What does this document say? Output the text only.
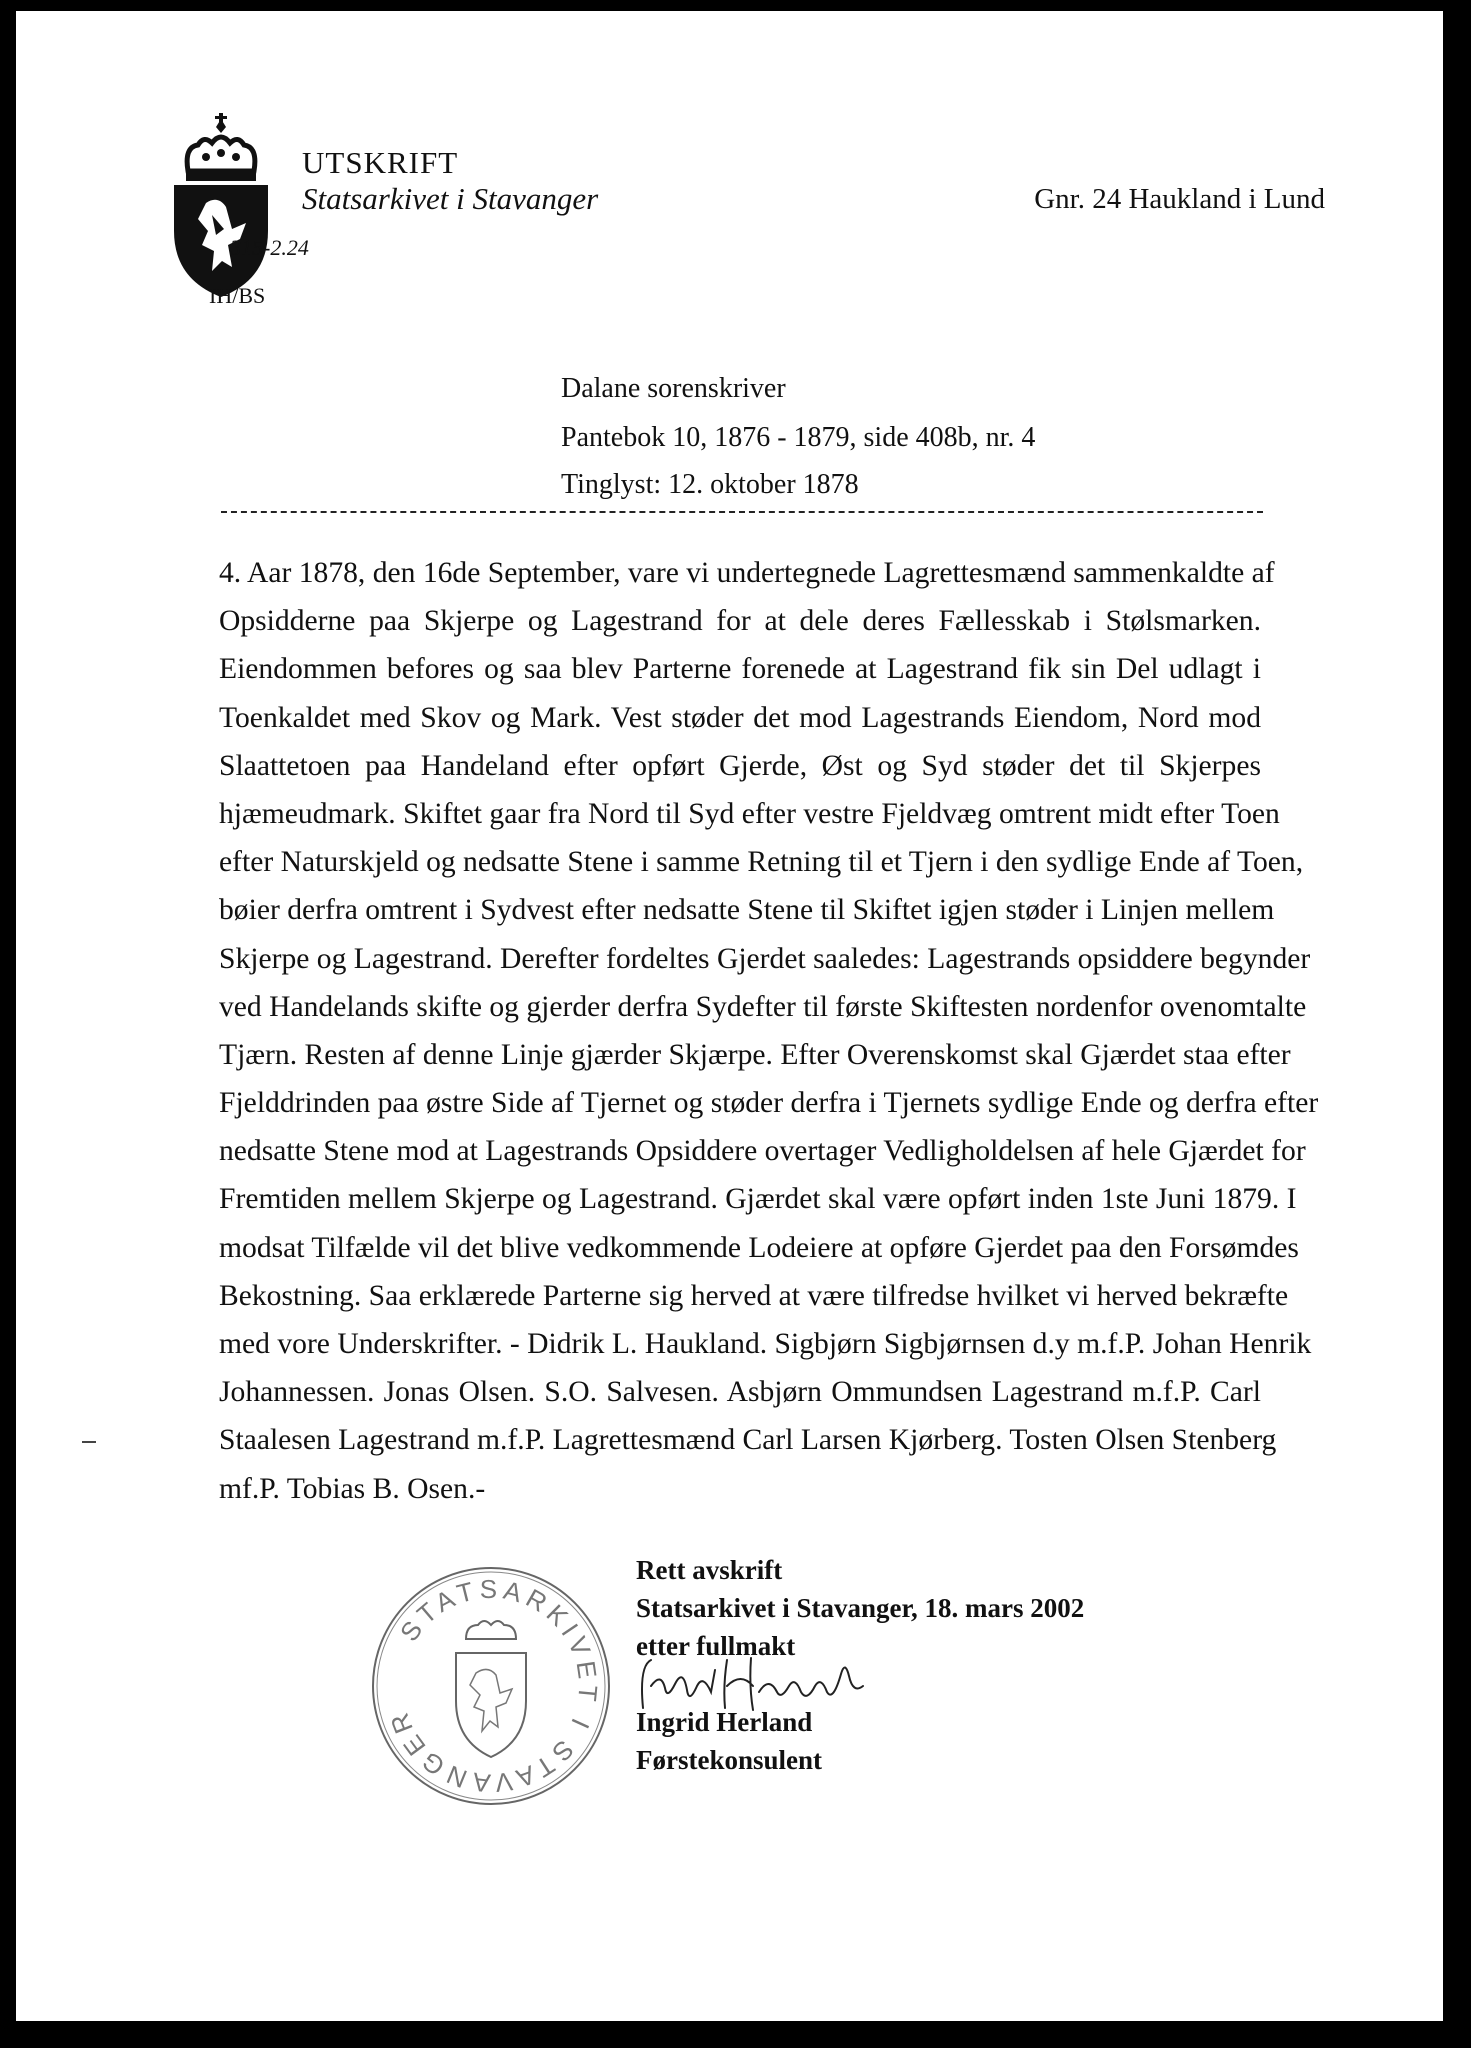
UTSKRIFT
Statsarkivet i Stavanger
315-2.24
IH/BS
Gnr. 24 Haukland i Lund
Dalane sorenskriver
Pantebok 10, 1876 - 1879, side 408b, nr. 4
Tinglyst: 12. oktober 1878
4. Aar 1878, den 16de September, vare vi undertegnede Lagrettesmænd sammenkaldte af
Opsidderne paa Skjerpe og Lagestrand for at dele deres Fællesskab i Stølsmarken.
Eiendommen befores og saa blev Parterne forenede at Lagestrand fik sin Del udlagt i
Toenkaldet med Skov og Mark. Vest støder det mod Lagestrands Eiendom, Nord mod
Slaattetoen paa Handeland efter opført Gjerde, Øst og Syd støder det til Skjerpes
hjæmeudmark. Skiftet gaar fra Nord til Syd efter vestre Fjeldvæg omtrent midt efter Toen
efter Naturskjeld og nedsatte Stene i samme Retning til et Tjern i den sydlige Ende af Toen,
bøier derfra omtrent i Sydvest efter nedsatte Stene til Skiftet igjen støder i Linjen mellem
Skjerpe og Lagestrand. Derefter fordeltes Gjerdet saaledes: Lagestrands opsiddere begynder
ved Handelands skifte og gjerder derfra Sydefter til første Skiftesten nordenfor ovenomtalte
Tjærn. Resten af denne Linje gjærder Skjærpe. Efter Overenskomst skal Gjærdet staa efter
Fjelddrinden paa østre Side af Tjernet og støder derfra i Tjernets sydlige Ende og derfra efter
nedsatte Stene mod at Lagestrands Opsiddere overtager Vedligholdelsen af hele Gjærdet for
Fremtiden mellem Skjerpe og Lagestrand. Gjærdet skal være opført inden 1ste Juni 1879. I
modsat Tilfælde vil det blive vedkommende Lodeiere at opføre Gjerdet paa den Forsømdes
Bekostning. Saa erklærede Parterne sig herved at være tilfredse hvilket vi herved bekræfte
med vore Underskrifter. - Didrik L. Haukland. Sigbjørn Sigbjørnsen d.y m.f.P. Johan Henrik
Johannessen. Jonas Olsen. S.O. Salvesen. Asbjørn Ommundsen Lagestrand m.f.P. Carl
Staalesen Lagestrand m.f.P. Lagrettesmænd Carl Larsen Kjørberg. Tosten Olsen Stenberg
mf.P. Tobias B. Osen.-
STATSARKIVET I STAVANGER
Rett avskrift
Statsarkivet i Stavanger, 18. mars 2002
etter fullmakt
Ingrid Herland
Førstekonsulent
